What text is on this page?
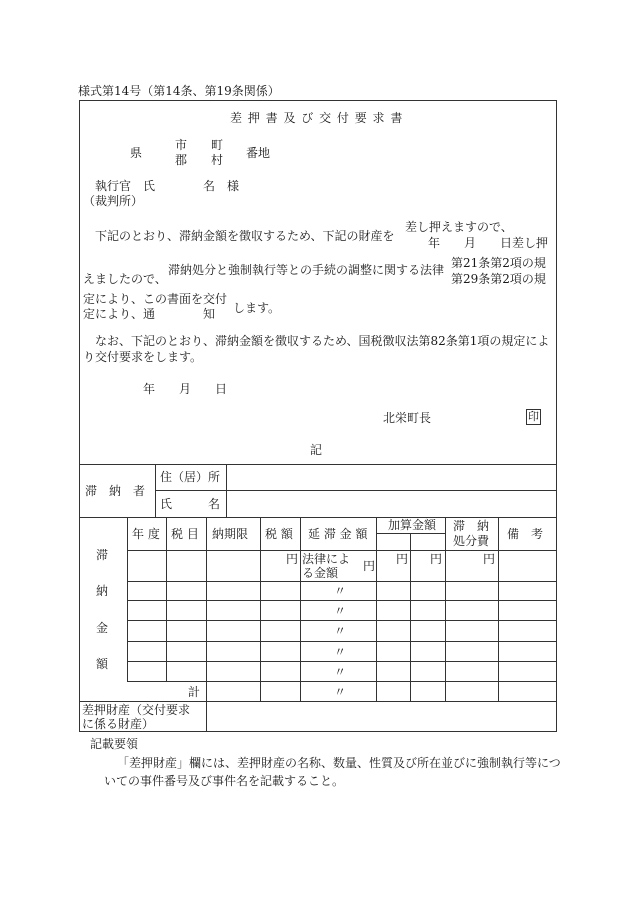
様式第14号（第14条、第19条関係）
差 押 書 及 び 交 付 要 求 書
県
市
郡
町
村 番地
執行官　氏　　　　名　様
（裁判所）
下記のとおり、滞納金額を徴収するため、下記の財産を
差し押えますので、
年　　月　　日差し押
えましたので、
滞納処分と強制執行等との手続の調整に関する法律 第21条第2項の規
第29条第2項の規
定により、この書面を交付
定により、通　　　　知 します。
なお、下記のとおり、滞納金額を徴収するため、国税徴収法第82条第1項の規定によ
り交付要求をします。
年　　月　　日
北栄町長	印
記
滞　納　者
住（居）所
氏　　　名
滞
納
金
額
年 度 税 目 納期限 税 額 延 滞 金 額
加算金額 滞　納
処分費 備　考
円 法律によ
る金額 円 円 円	円
〃
〃
〃
〃
〃
〃
計
差押財産（交付要求
に係る財産）
記載要領
「差押財産」欄には、差押財産の名称、数量、性質及び所在並びに強制執行等につ
いての事件番号及び事件名を記載すること。
